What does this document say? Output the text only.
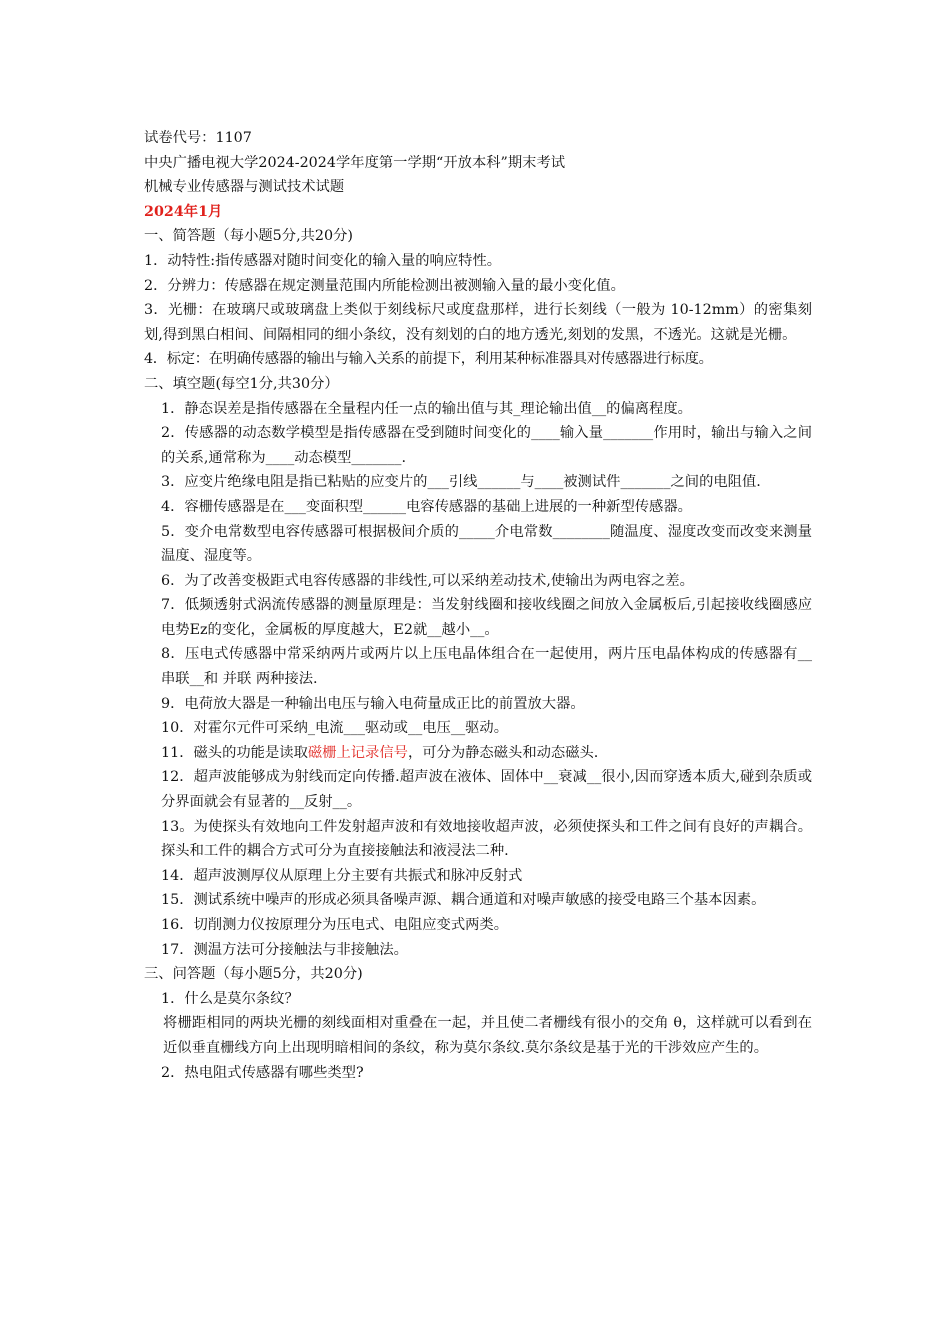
试卷代号：1107
中央广播电视大学2024-2024学年度第一学期“开放本科”期末考试
机械专业传感器与测试技术试题
2024年1月
一、简答题（每小题5分,共20分)
1．动特性:指传感器对随时间变化的输入量的响应特性。
2．分辨力：传感器在规定测量范围内所能检测出被测输入量的最小变化值。

3．光栅：在玻璃尺或玻璃盘上类似于刻线标尺或度盘那样，进行长刻线（一般为 10-12mm）的密集刻划,得到黑白相间、间隔相同的细小条纹，没有刻划的白的地方透光,刻划的发黑，不透光。这就是光栅。

4．标定：在明确传感器的输出与输入关系的前提下，利用某种标准器具对传感器进行标度。
二、填空题(每空1分,共30分）

1．静态误差是指传感器在全量程内任一点的输出值与其_理论输出值__的偏离程度。

2．传感器的动态数学模型是指传感器在受到随时间变化的____输入量_______作用时，输出与输入之间的关系,通常称为____动态模型_______.

3．应变片绝缘电阻是指已粘贴的应变片的___引线______与____被测试件_______之间的电阻值.

4．容栅传感器是在___变面积型______电容传感器的基础上进展的一种新型传感器。

5．变介电常数型电容传感器可根据极间介质的_____介电常数________随温度、湿度改变而改变来测量温度、湿度等。

6．为了改善变极距式电容传感器的非线性,可以采纳差动技术,使输出为两电容之差。

7．低频透射式涡流传感器的测量原理是：当发射线圈和接收线圈之间放入金属板后,引起接收线圈感应电势Ez的变化，金属板的厚度越大，E2就__越小__。

8．压电式传感器中常采纳两片或两片以上压电晶体组合在一起使用，两片压电晶体构成的传感器有__串联__和 并联 两种接法.

9．电荷放大器是一种输出电压与输入电荷量成正比的前置放大器。
10．对霍尔元件可采纳_电流___驱动或__电压__驱动。
11．磁头的功能是读取磁栅上记录信号，可分为静态磁头和动态磁头.

12．超声波能够成为射线而定向传播.超声波在液体、固体中__衰减__很小,因而穿透本质大,碰到杂质或分界面就会有显著的__反射__。

13。为使探头有效地向工件发射超声波和有效地接收超声波，必须使探头和工件之间有良好的声耦合。探头和工件的耦合方式可分为直接接触法和液浸法二种.

14．超声波测厚仪从原理上分主要有共振式和脉冲反射式

15．测试系统中噪声的形成必须具备噪声源、耦合通道和对噪声敏感的接受电路三个基本因素。

16．切削测力仪按原理分为压电式、电阻应变式两类。
17．测温方法可分接触法与非接触法。
三、问答题（每小题5分，共20分)
1．什么是莫尔条纹？

将栅距相同的两块光栅的刻线面相对重叠在一起，并且使二者栅线有很小的交角 θ，这样就可以看到在近似垂直栅线方向上出现明暗相间的条纹，称为莫尔条纹.莫尔条纹是基于光的干涉效应产生的。

2．热电阻式传感器有哪些类型?
